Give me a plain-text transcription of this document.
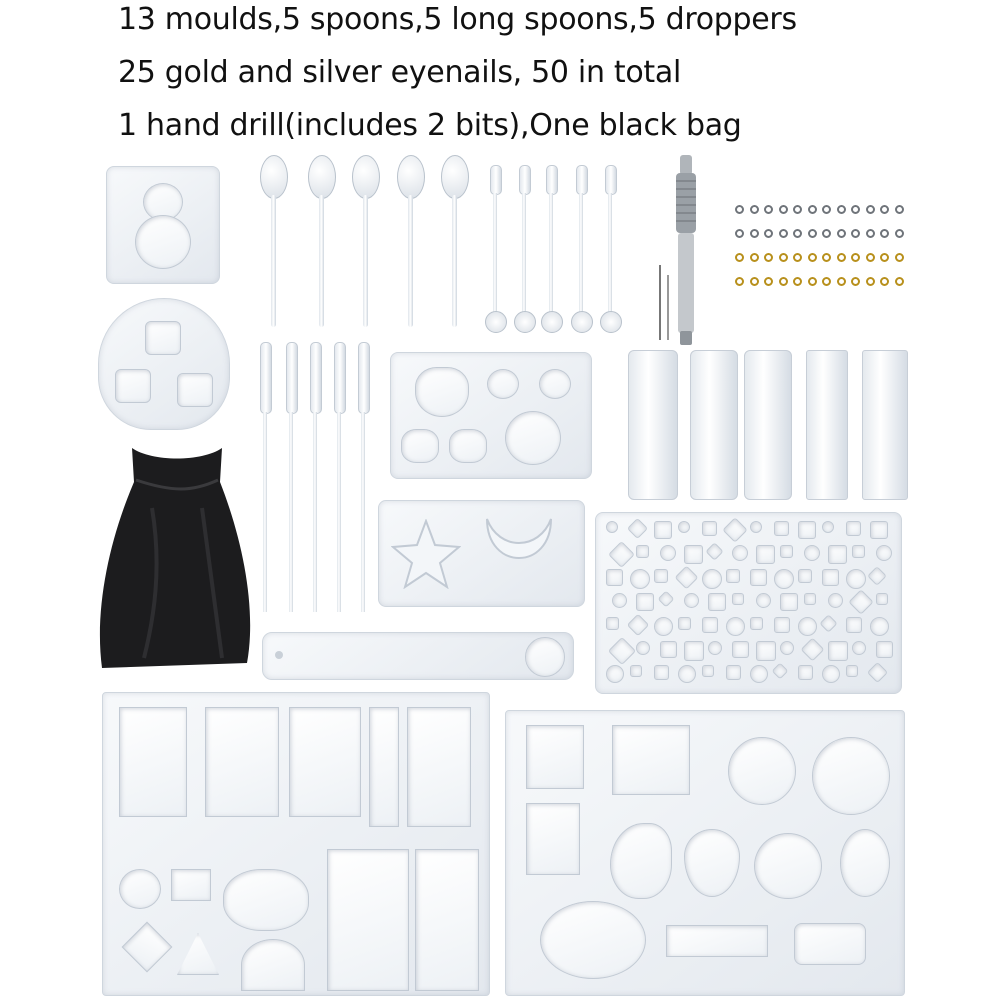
13 moulds,5 spoons,5 long spoons,5 droppers
25 gold and silver eyenails, 50 in total
1 hand drill(includes 2 bits),One black bag
